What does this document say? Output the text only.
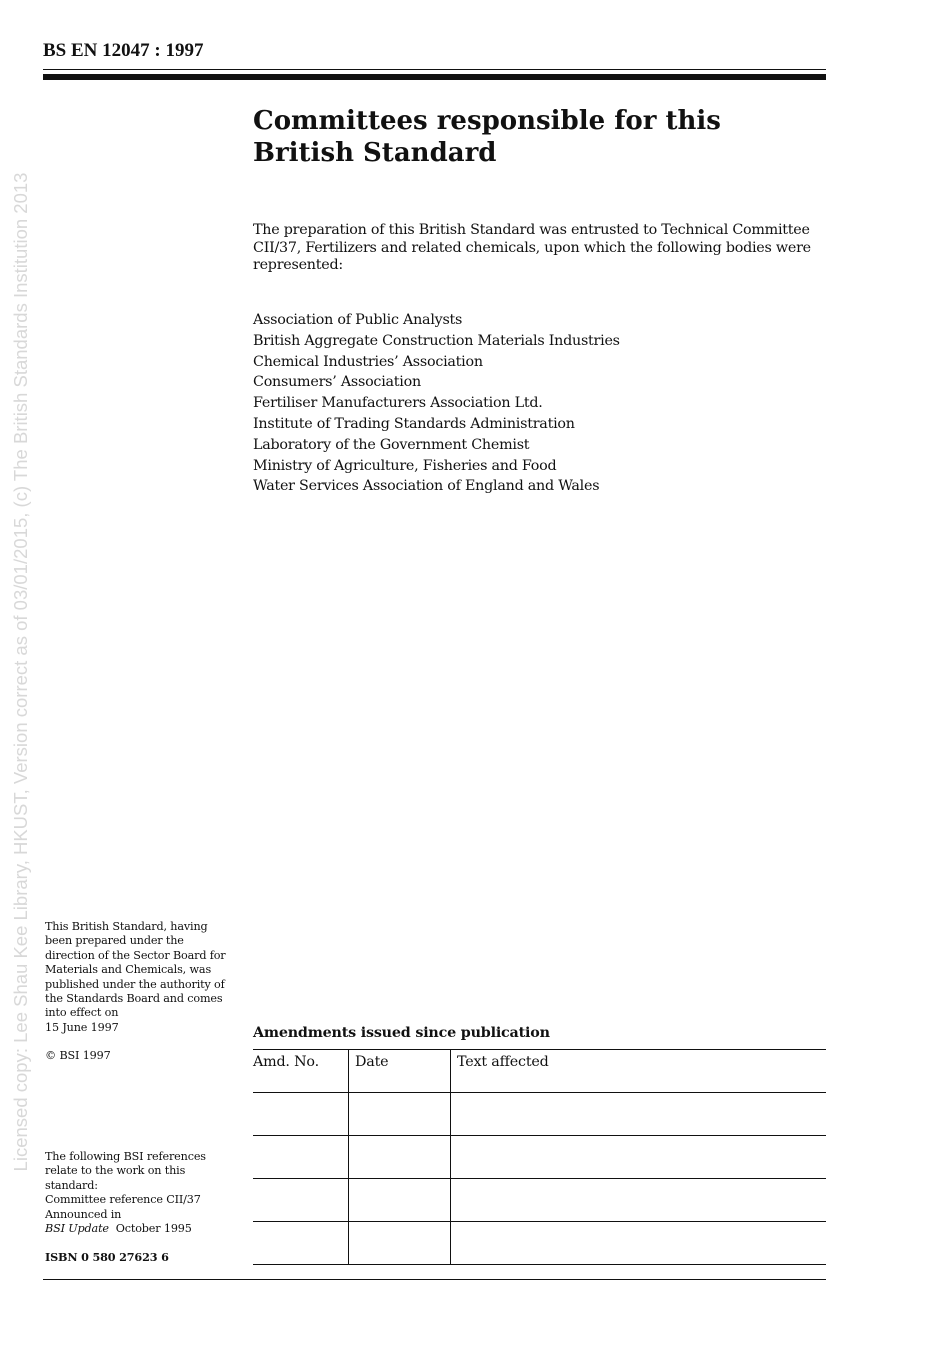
BS EN 12047 : 1997
Licensed copy: Lee Shau Kee Library, HKUST, Version correct as of 03/01/2015, (c) The British Standards Institution 2013
Committees responsible for this
British Standard

The preparation of this British Standard was entrusted to Technical Committee CII/37, Fertilizers and related chemicals, upon which the following bodies were represented:

Association of Public Analysts
British Aggregate Construction Materials Industries
Chemical Industries’ Association
Consumers’ Association
Fertiliser Manufacturers Association Ltd.
Institute of Trading Standards Administration
Laboratory of the Government Chemist
Ministry of Agriculture, Fisheries and Food
Water Services Association of England and Wales
This British Standard, having
been prepared under the
direction of the Sector Board for
Materials and Chemicals, was
published under the authority of
the Standards Board and comes
into effect on
15 June 1997
© BSI 1997
The following BSI references
relate to the work on this
standard:
Committee reference CII/37
Announced in
BSI Update October 1995
ISBN 0 580 27623 6
Amendments issued since publication
Amd. No.	Date	Text affected
